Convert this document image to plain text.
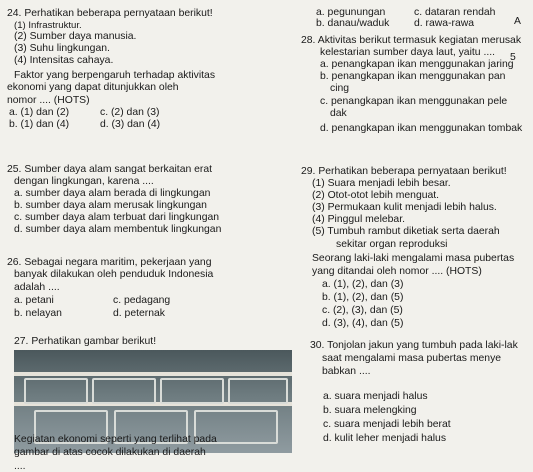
24. Perhatikan beberapa pernyataan berikut!
(1) Infrastruktur.
(2) Sumber daya manusia.
(3) Suhu lingkungan.
(4) Intensitas cahaya.
Faktor yang berpengaruh terhadap aktivitas
ekonomi yang dapat ditunjukkan oleh
nomor .... (HOTS)
a. (1) dan (2)	c. (2) dan (3)
b. (1) dan (4)	d. (3) dan (4)
25. Sumber daya alam sangat berkaitan erat
dengan lingkungan, karena ....
a. sumber daya alam berada di lingkungan
b. sumber daya alam merusak lingkungan
c. sumber daya alam terbuat dari lingkungan
d. sumber daya alam membentuk lingkungan
26. Sebagai negara maritim, pekerjaan yang
banyak dilakukan oleh penduduk Indonesia
adalah ....
a. petani	c. pedagang
b. nelayan	d. peternak
27. Perhatikan gambar berikut!
Kegiatan ekonomi seperti yang terlihat pada
gambar di atas cocok dilakukan di daerah
....
a. pegunungan	c. dataran rendah
b. danau/waduk d. rawa-rawa	A
5
28. Aktivitas berikut termasuk kegiatan merusak
kelestarian sumber daya laut, yaitu ....
a. penangkapan ikan menggunakan jaring
b. penangkapan ikan menggunakan pan
cing
c. penangkapan ikan menggunakan pele
dak
d. penangkapan ikan menggunakan tombak
29. Perhatikan beberapa pernyataan berikut!
(1) Suara menjadi lebih besar.
(2) Otot-otot lebih menguat.
(3) Permukaan kulit menjadi lebih halus.
(4) Pinggul melebar.
(5) Tumbuh rambut diketiak serta daerah
sekitar organ reproduksi
Seorang laki-laki mengalami masa pubertas
yang ditandai oleh nomor .... (HOTS)
a. (1), (2), dan (3)
b. (1), (2), dan (5)
c. (2), (3), dan (5)
d. (3), (4), dan (5)
30. Tonjolan jakun yang tumbuh pada laki-lak
saat mengalami masa pubertas menye
babkan ....
a. suara menjadi halus
b. suara melengking
c. suara menjadi lebih berat
d. kulit leher menjadi halus
